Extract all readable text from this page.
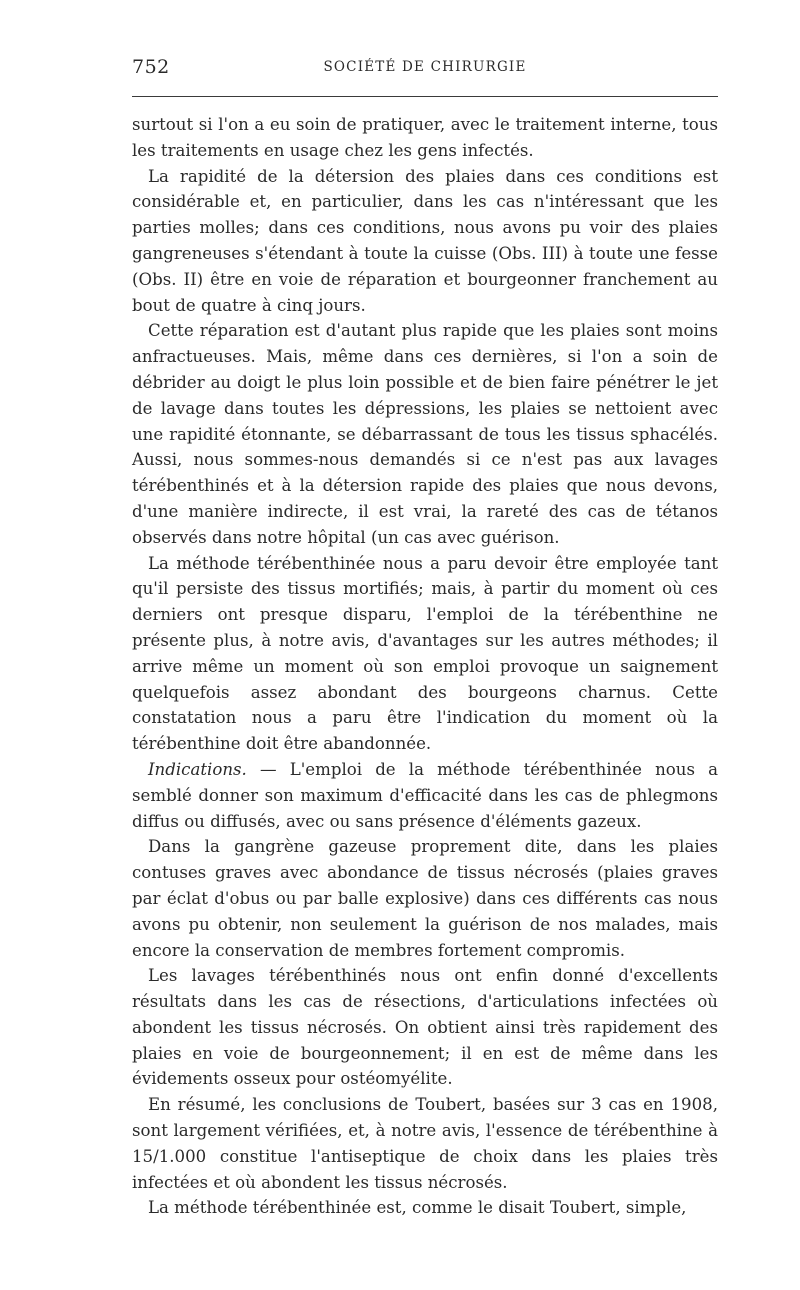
752	SOCIÉTÉ DE CHIRURGIE

surtout si l'on a eu soin de pratiquer, avec le traitement interne, tous les traitements en usage chez les gens infectés.

La rapidité de la détersion des plaies dans ces conditions est considérable et, en particulier, dans les cas n'intéressant que les parties molles; dans ces conditions, nous avons pu voir des plaies gangreneuses s'étendant à toute la cuisse (Obs. III) à toute une fesse (Obs. II) être en voie de réparation et bourgeonner franchement au bout de quatre à cinq jours.

Cette réparation est d'autant plus rapide que les plaies sont moins anfractueuses. Mais, même dans ces dernières, si l'on a soin de débrider au doigt le plus loin possible et de bien faire pénétrer le jet de lavage dans toutes les dépressions, les plaies se nettoient avec une rapidité étonnante, se débarrassant de tous les tissus sphacélés. Aussi, nous sommes-nous demandés si ce n'est pas aux lavages térébenthinés et à la détersion rapide des plaies que nous devons, d'une manière indirecte, il est vrai, la rareté des cas de tétanos observés dans notre hôpital (un cas avec guérison.

La méthode térébenthinée nous a paru devoir être employée tant qu'il persiste des tissus mortifiés; mais, à partir du moment où ces derniers ont presque disparu, l'emploi de la térébenthine ne présente plus, à notre avis, d'avantages sur les autres méthodes; il arrive même un moment où son emploi provoque un saignement quelquefois assez abondant des bourgeons charnus. Cette constatation nous a paru être l'indication du moment où la térébenthine doit être abandonnée.

Indications. — L'emploi de la méthode térébenthinée nous a semblé donner son maximum d'efficacité dans les cas de phlegmons diffus ou diffusés, avec ou sans présence d'éléments gazeux.

Dans la gangrène gazeuse proprement dite, dans les plaies contuses graves avec abondance de tissus nécrosés (plaies graves par éclat d'obus ou par balle explosive) dans ces différents cas nous avons pu obtenir, non seulement la guérison de nos malades, mais encore la conservation de membres fortement compromis.

Les lavages térébenthinés nous ont enfin donné d'excellents résultats dans les cas de résections, d'articulations infectées où abondent les tissus nécrosés. On obtient ainsi très rapidement des plaies en voie de bourgeonnement; il en est de même dans les évidements osseux pour ostéomyélite.

En résumé, les conclusions de Toubert, basées sur 3 cas en 1908, sont largement vérifiées, et, à notre avis, l'essence de térébenthine à 15/1.000 constitue l'antiseptique de choix dans les plaies très infectées et où abondent les tissus nécrosés.

La méthode térébenthinée est, comme le disait Toubert, simple,
